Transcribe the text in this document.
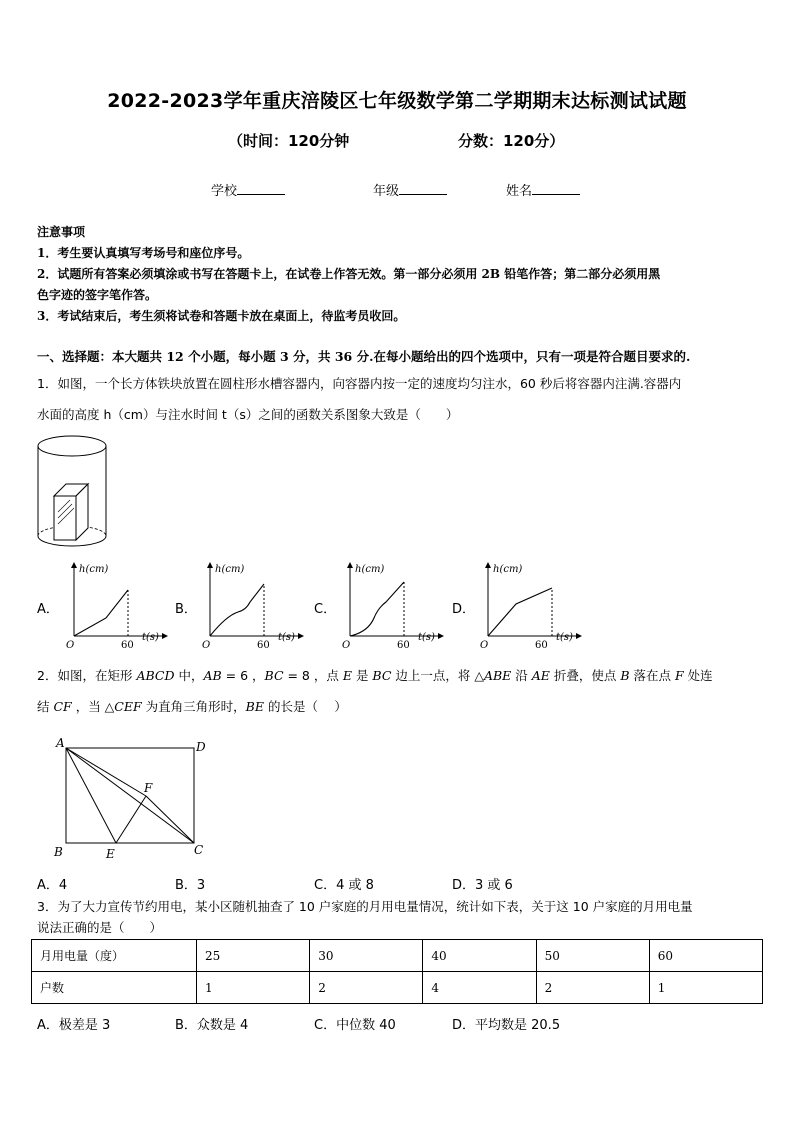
2022-2023学年重庆涪陵区七年级数学第二学期期末达标测试试题
（时间：120分钟	分数：120分）
学校	年级	姓名
注意事项
1．考生要认真填写考场号和座位序号。
2．试题所有答案必须填涂或书写在答题卡上，在试卷上作答无效。第一部分必须用 2B 铅笔作答；第二部分必须用黑
色字迹的签字笔作答。
3．考试结束后，考生须将试卷和答题卡放在桌面上，待监考员收回。
一、选择题：本大题共 12 个小题，每小题 3 分，共 36 分.在每小题给出的四个选项中，只有一项是符合题目要求的.
1．如图，一个长方体铁块放置在圆柱形水槽容器内，向容器内按一定的速度均匀注水，60 秒后将容器内注满.容器内
水面的高度 h（cm）与注水时间 t（s）之间的函数关系图象大致是（　　）
A．	B．	C．	D．
h(cm)
t(s)
O	60
h(cm)
t(s)
O	60
h(cm)
t(s)
O	60
h(cm)
t(s)
O	60
2．如图，在矩形 ABCD 中，AB = 6 ，BC = 8 ，点 E 是 BC 边上一点，将 △ABE 沿 AE 折叠，使点 B 落在点 F 处连
结 CF ，当 △CEF 为直角三角形时，BE 的长是（　 ）
A	D
B	C
E
F
A．4	B．3	C．4 或 8	D．3 或 6
3．为了大力宣传节约用电，某小区随机抽查了 10 户家庭的月用电量情况，统计如下表，关于这 10 户家庭的月用电量
说法正确的是（　　）
月用电量（度）	25	30	40	50	60
户数	1	2	4	2	1
A．极差是 3	B．众数是 4	C．中位数 40	D．平均数是 20.5
